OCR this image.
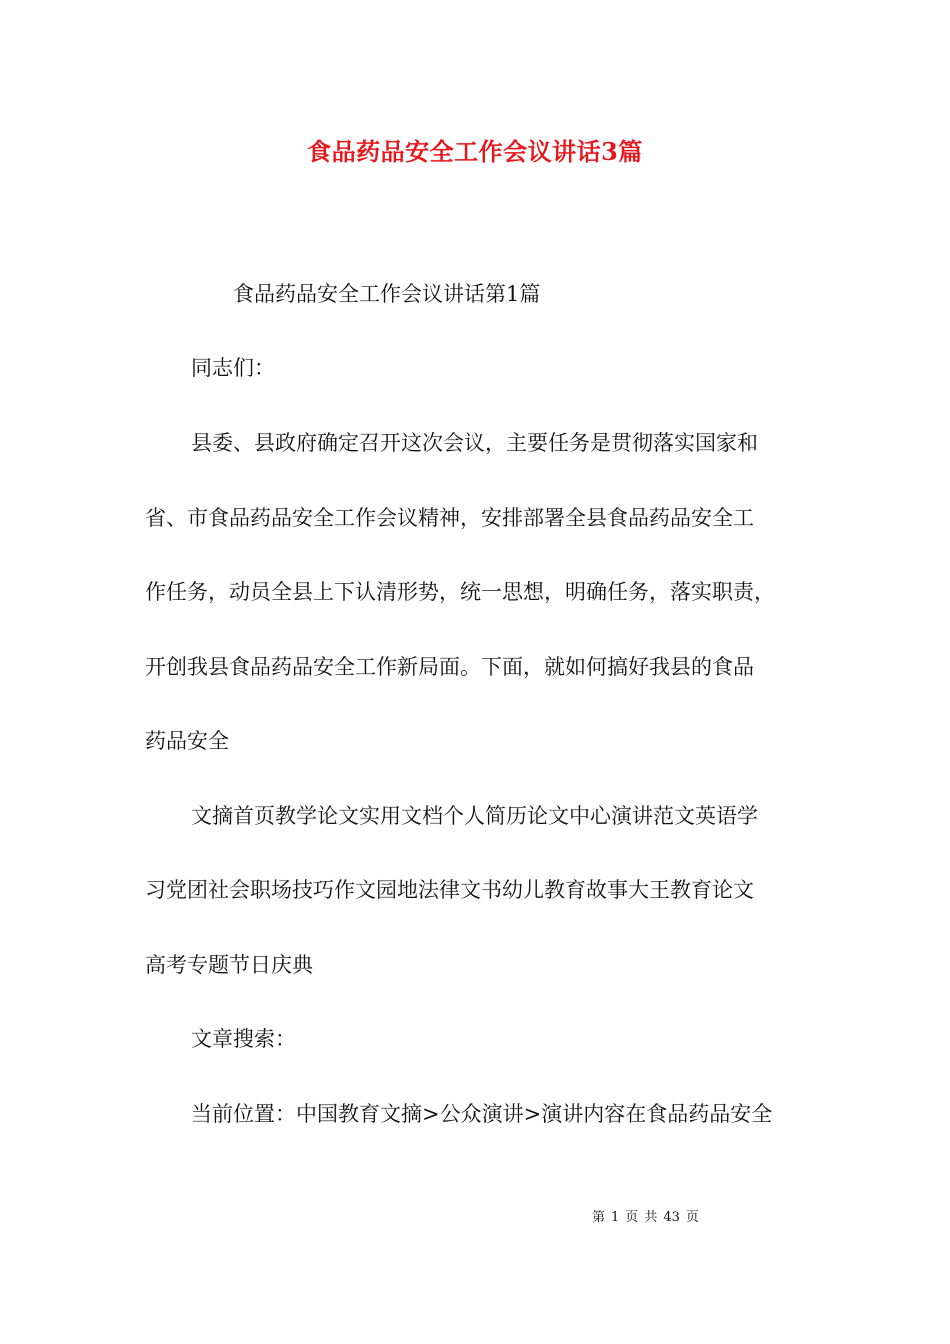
食品药品安全工作会议讲话3篇
食品药品安全工作会议讲话第1篇
同志们：
县委、县政府确定召开这次会议，主要任务是贯彻落实国家和
省、市食品药品安全工作会议精神，安排部署全县食品药品安全工
作任务，动员全县上下认清形势，统一思想，明确任务，落实职责，
开创我县食品药品安全工作新局面。下面，就如何搞好我县的食品
药品安全
文摘首页教学论文实用文档个人简历论文中心演讲范文英语学
习党团社会职场技巧作文园地法律文书幼儿教育故事大王教育论文
高考专题节日庆典
文章搜索：
当前位置：中国教育文摘>公众演讲>演讲内容在食品药品安全
第 1 页 共 43 页
